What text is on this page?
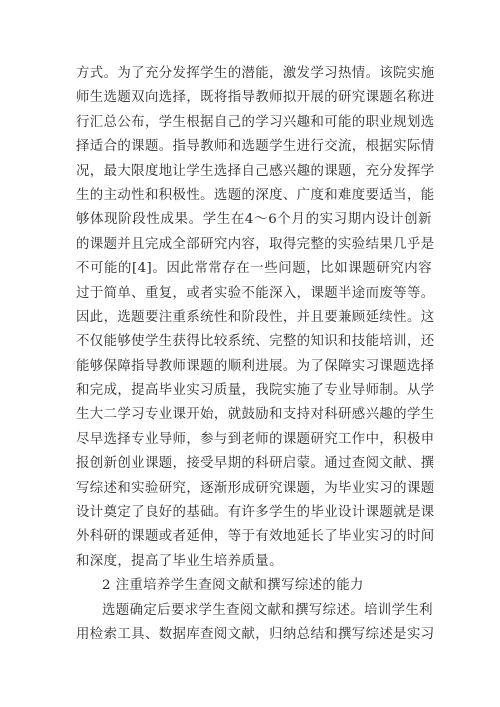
方式。为了充分发挥学生的潜能，激发学习热情。该院实施
师生选题双向选择，既将指导教师拟开展的研究课题名称进
行汇总公布，学生根据自己的学习兴趣和可能的职业规划选
择适合的课题。指导教师和选题学生进行交流，根据实际情
况，最大限度地让学生选择自己感兴趣的课题，充分发挥学
生的主动性和积极性。选题的深度、广度和难度要适当，能
够体现阶段性成果。学生在4～6个月的实习期内设计创新
的课题并且完成全部研究内容，取得完整的实验结果几乎是
不可能的[4]。因此常常存在一些问题，比如课题研究内容
过于简单、重复，或者实验不能深入，课题半途而废等等。
因此，选题要注重系统性和阶段性，并且要兼顾延续性。这
不仅能够使学生获得比较系统、完整的知识和技能培训，还
能够保障指导教师课题的顺利进展。为了保障实习课题选择
和完成，提高毕业实习质量，我院实施了专业导师制。从学
生大二学习专业课开始，就鼓励和支持对科研感兴趣的学生
尽早选择专业导师，参与到老师的课题研究工作中，积极申
报创新创业课题，接受早期的科研启蒙。通过查阅文献、撰
写综述和实验研究，逐渐形成研究课题，为毕业实习的课题
设计奠定了良好的基础。有许多学生的毕业设计课题就是课
外科研的课题或者延伸，等于有效地延长了毕业实习的时间
和深度，提高了毕业生培养质量。
2 注重培养学生查阅文献和撰写综述的能力
选题确定后要求学生查阅文献和撰写综述。培训学生利
用检索工具、数据库查阅文献，归纳总结和撰写综述是实习
